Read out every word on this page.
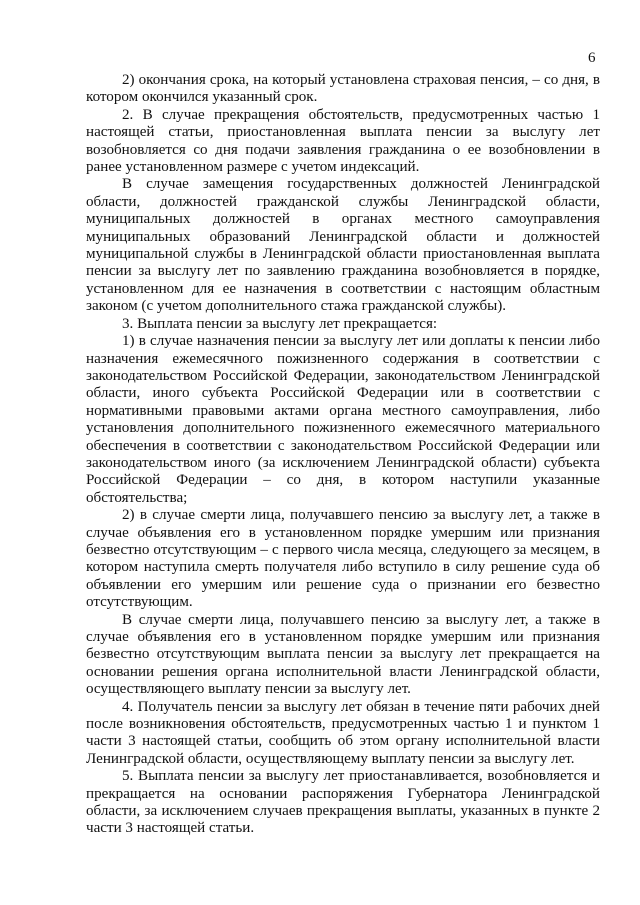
6

2) окончания срока, на который установлена страховая пенсия, – со дня, в котором окончился указанный срок.

2. В случае прекращения обстоятельств, предусмотренных частью 1 настоящей статьи, приостановленная выплата пенсии за выслугу лет возобновляется со дня подачи заявления гражданина о ее возобновлении в ранее установленном размере с учетом индексаций.

В случае замещения государственных должностей Ленинградской области, должностей гражданской службы Ленинградской области, муниципальных должностей в органах местного самоуправления муниципальных образований Ленинградской области и должностей муниципальной службы в Ленинградской области приостановленная выплата пенсии за выслугу лет по заявлению гражданина возобновляется в порядке, установленном для ее назначения в соответствии с настоящим областным законом (с учетом дополнительного стажа гражданской службы).

3. Выплата пенсии за выслугу лет прекращается:

1) в случае назначения пенсии за выслугу лет или доплаты к пенсии либо назначения ежемесячного пожизненного содержания в соответствии с законодательством Российской Федерации, законодательством Ленинградской области, иного субъекта Российской Федерации или в соответствии с нормативными правовыми актами органа местного самоуправления, либо установления дополнительного пожизненного ежемесячного материального обеспечения в соответствии с законодательством Российской Федерации или законодательством иного (за исключением Ленинградской области) субъекта Российской Федерации – со дня, в котором наступили указанные обстоятельства;

2) в случае смерти лица, получавшего пенсию за выслугу лет, а также в случае объявления его в установленном порядке умершим или признания безвестно отсутствующим – с первого числа месяца, следующего за месяцем, в котором наступила смерть получателя либо вступило в силу решение суда об объявлении его умершим или решение суда о признании его безвестно отсутствующим.

В случае смерти лица, получавшего пенсию за выслугу лет, а также в случае объявления его в установленном порядке умершим или признания безвестно отсутствующим выплата пенсии за выслугу лет прекращается на основании решения органа исполнительной власти Ленинградской области, осуществляющего выплату пенсии за выслугу лет.

4. Получатель пенсии за выслугу лет обязан в течение пяти рабочих дней после возникновения обстоятельств, предусмотренных частью 1 и пунктом 1 части 3 настоящей статьи, сообщить об этом органу исполнительной власти Ленинградской области, осуществляющему выплату пенсии за выслугу лет.

5. Выплата пенсии за выслугу лет приостанавливается, возобновляется и прекращается на основании распоряжения Губернатора Ленинградской области, за исключением случаев прекращения выплаты, указанных в пункте 2 части 3 настоящей статьи.
